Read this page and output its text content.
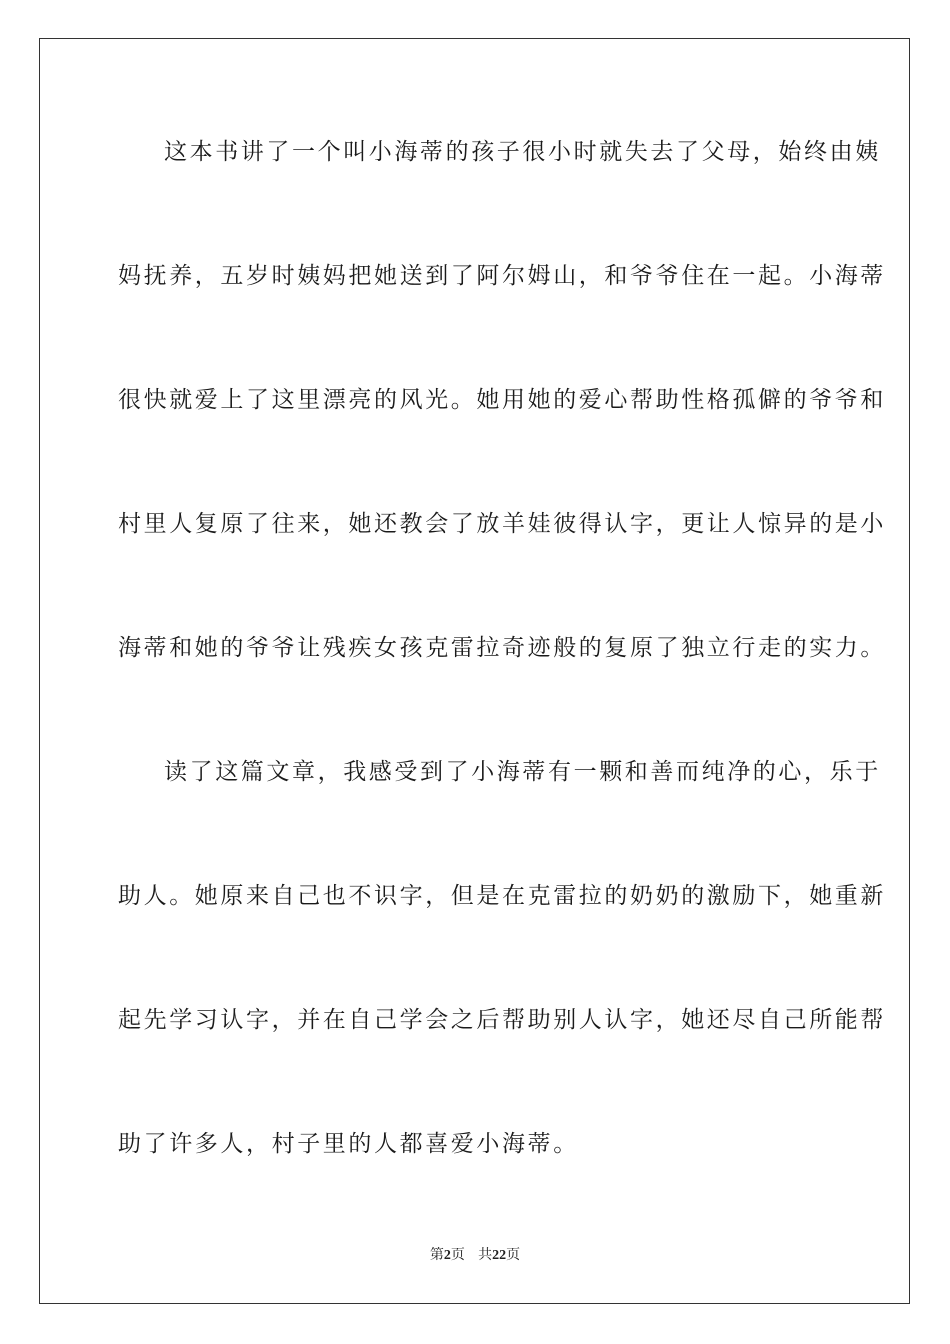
这本书讲了一个叫小海蒂的孩子很小时就失去了父母，始终由姨
妈抚养，五岁时姨妈把她送到了阿尔姆山，和爷爷住在一起。小海蒂
很快就爱上了这里漂亮的风光。她用她的爱心帮助性格孤僻的爷爷和
村里人复原了往来，她还教会了放羊娃彼得认字，更让人惊异的是小
海蒂和她的爷爷让残疾女孩克雷拉奇迹般的复原了独立行走的实力。
读了这篇文章，我感受到了小海蒂有一颗和善而纯净的心，乐于
助人。她原来自己也不识字，但是在克雷拉的奶奶的激励下，她重新
起先学习认字，并在自己学会之后帮助别人认字，她还尽自己所能帮
助了许多人，村子里的人都喜爱小海蒂。
第2页 共22页
